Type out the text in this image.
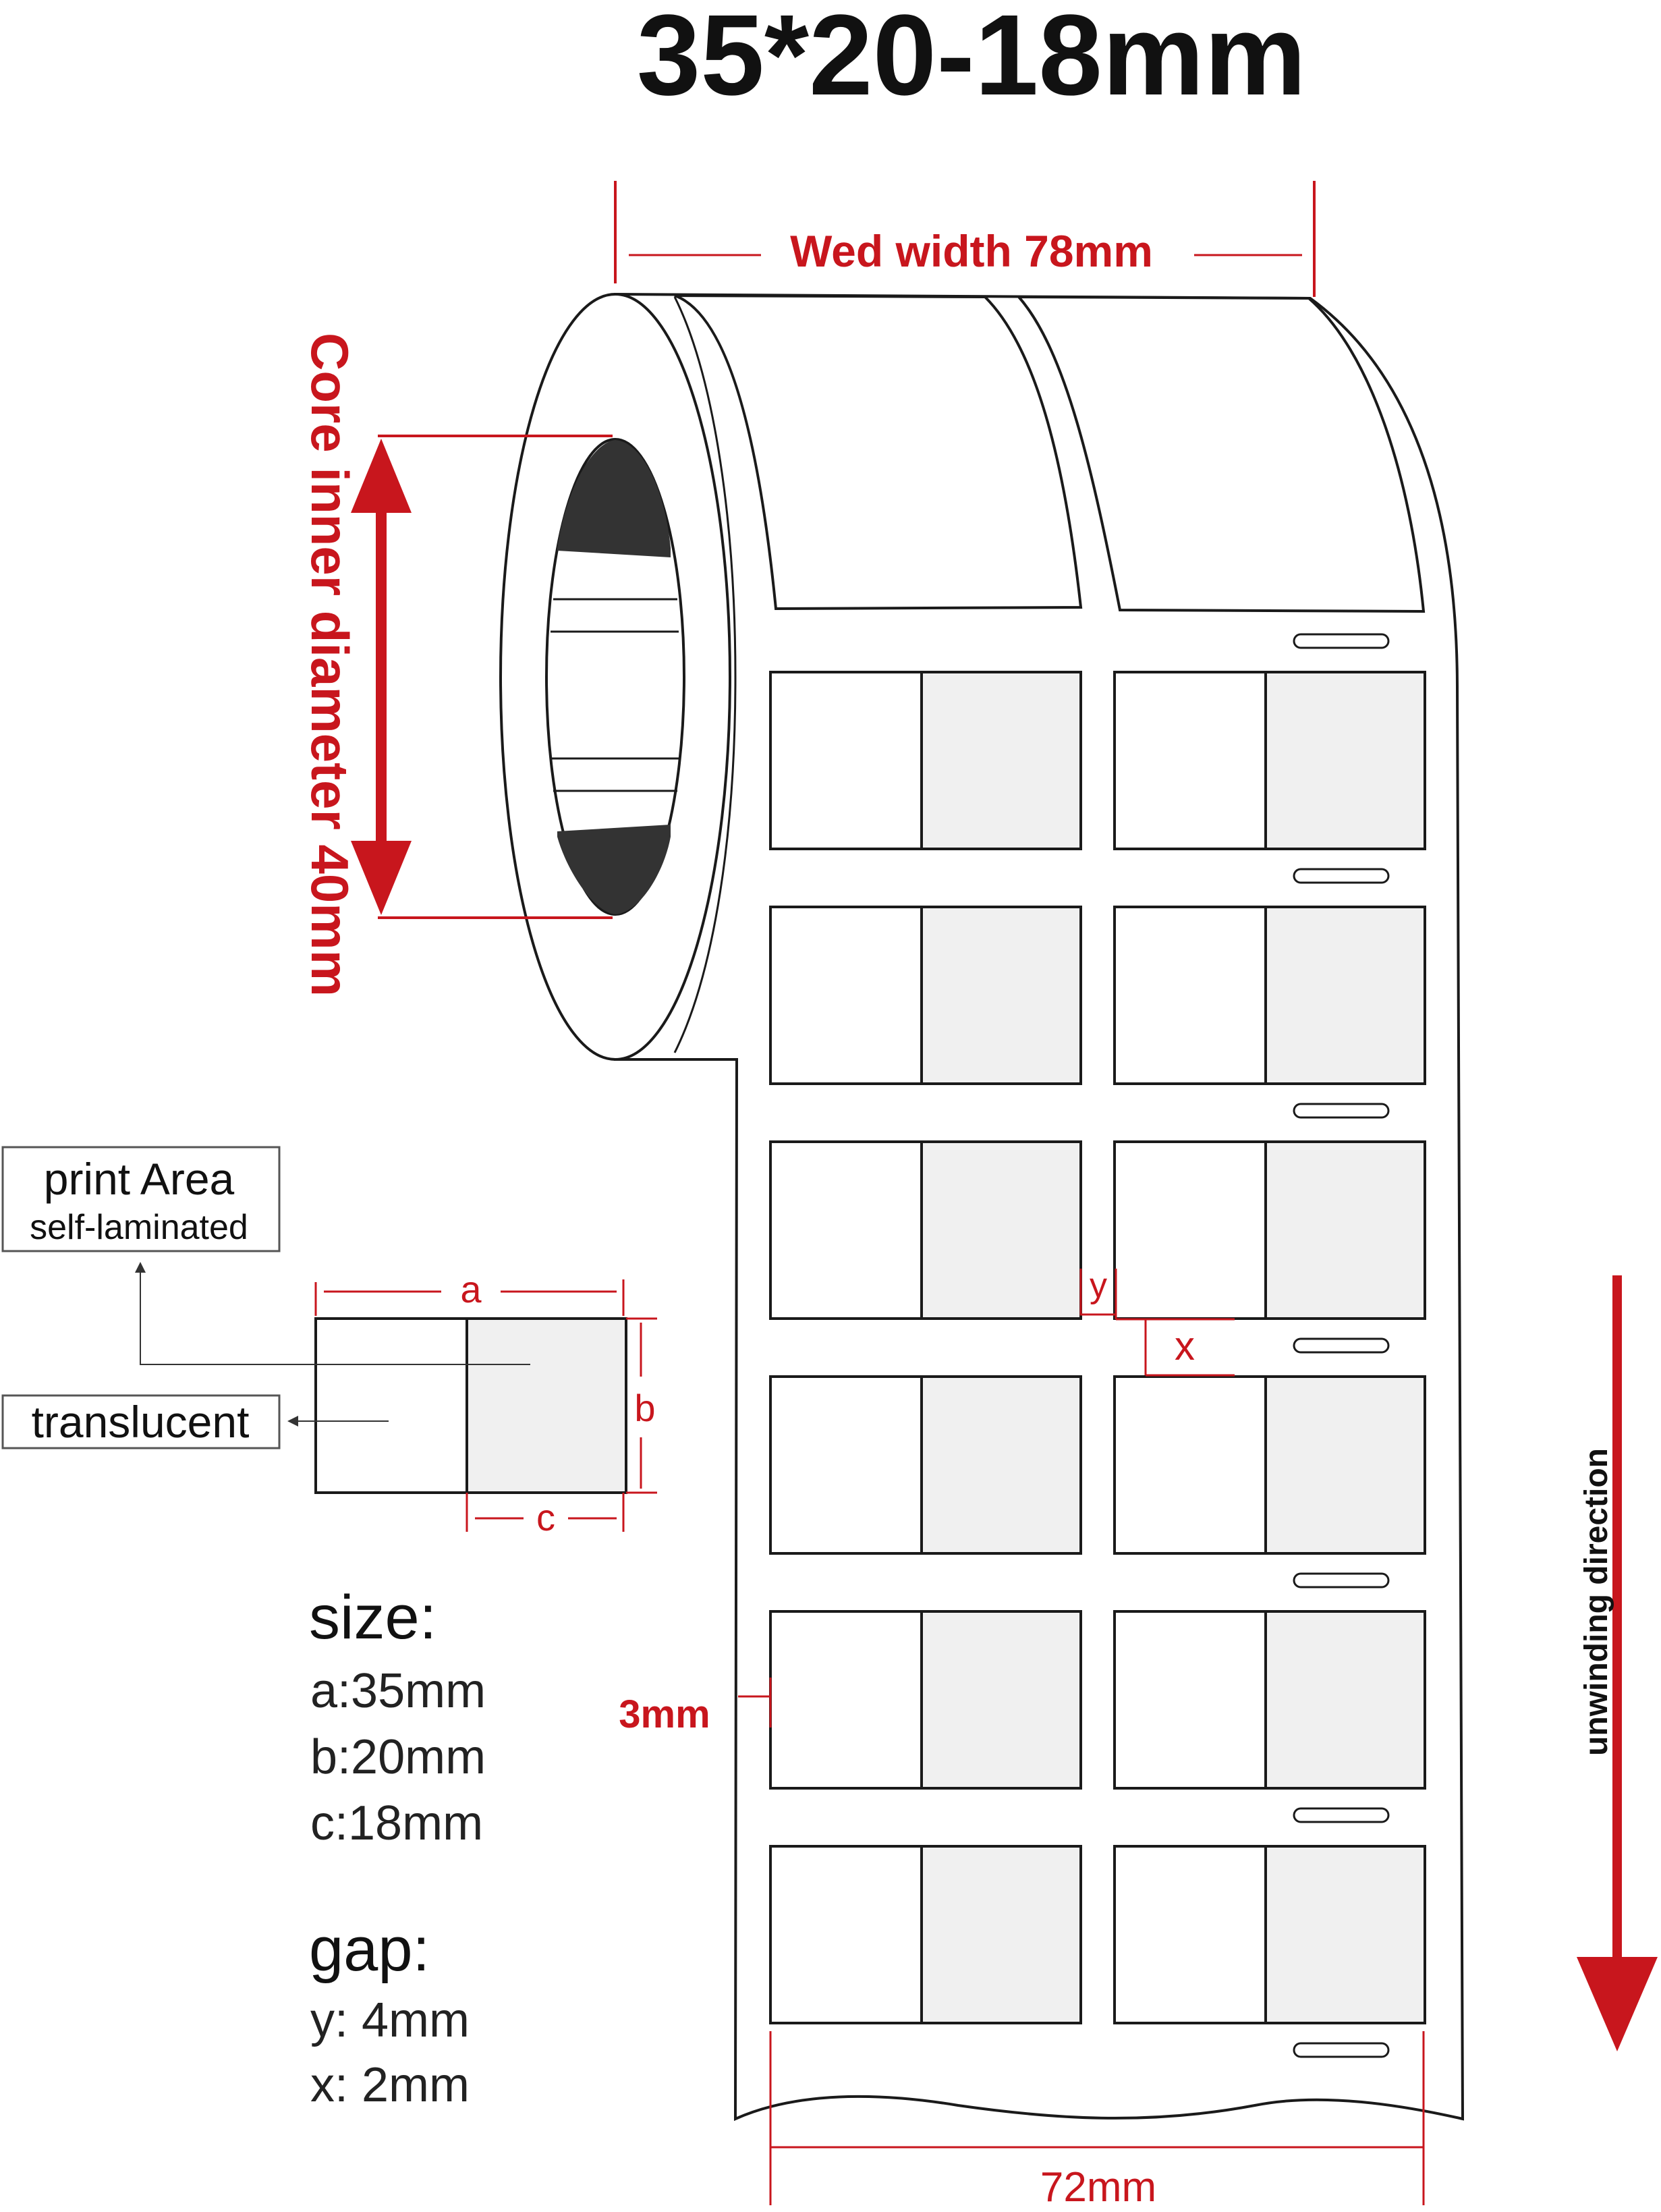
35*20-18mm
Wed width 78mm
Core inner diameter 40mm
y
x
3mm
72mm
unwinding direction
print Area
self-laminated
translucent
a
b
c
size:
a:35mm
b:20mm
c:18mm
gap:
y: 4mm
x: 2mm
